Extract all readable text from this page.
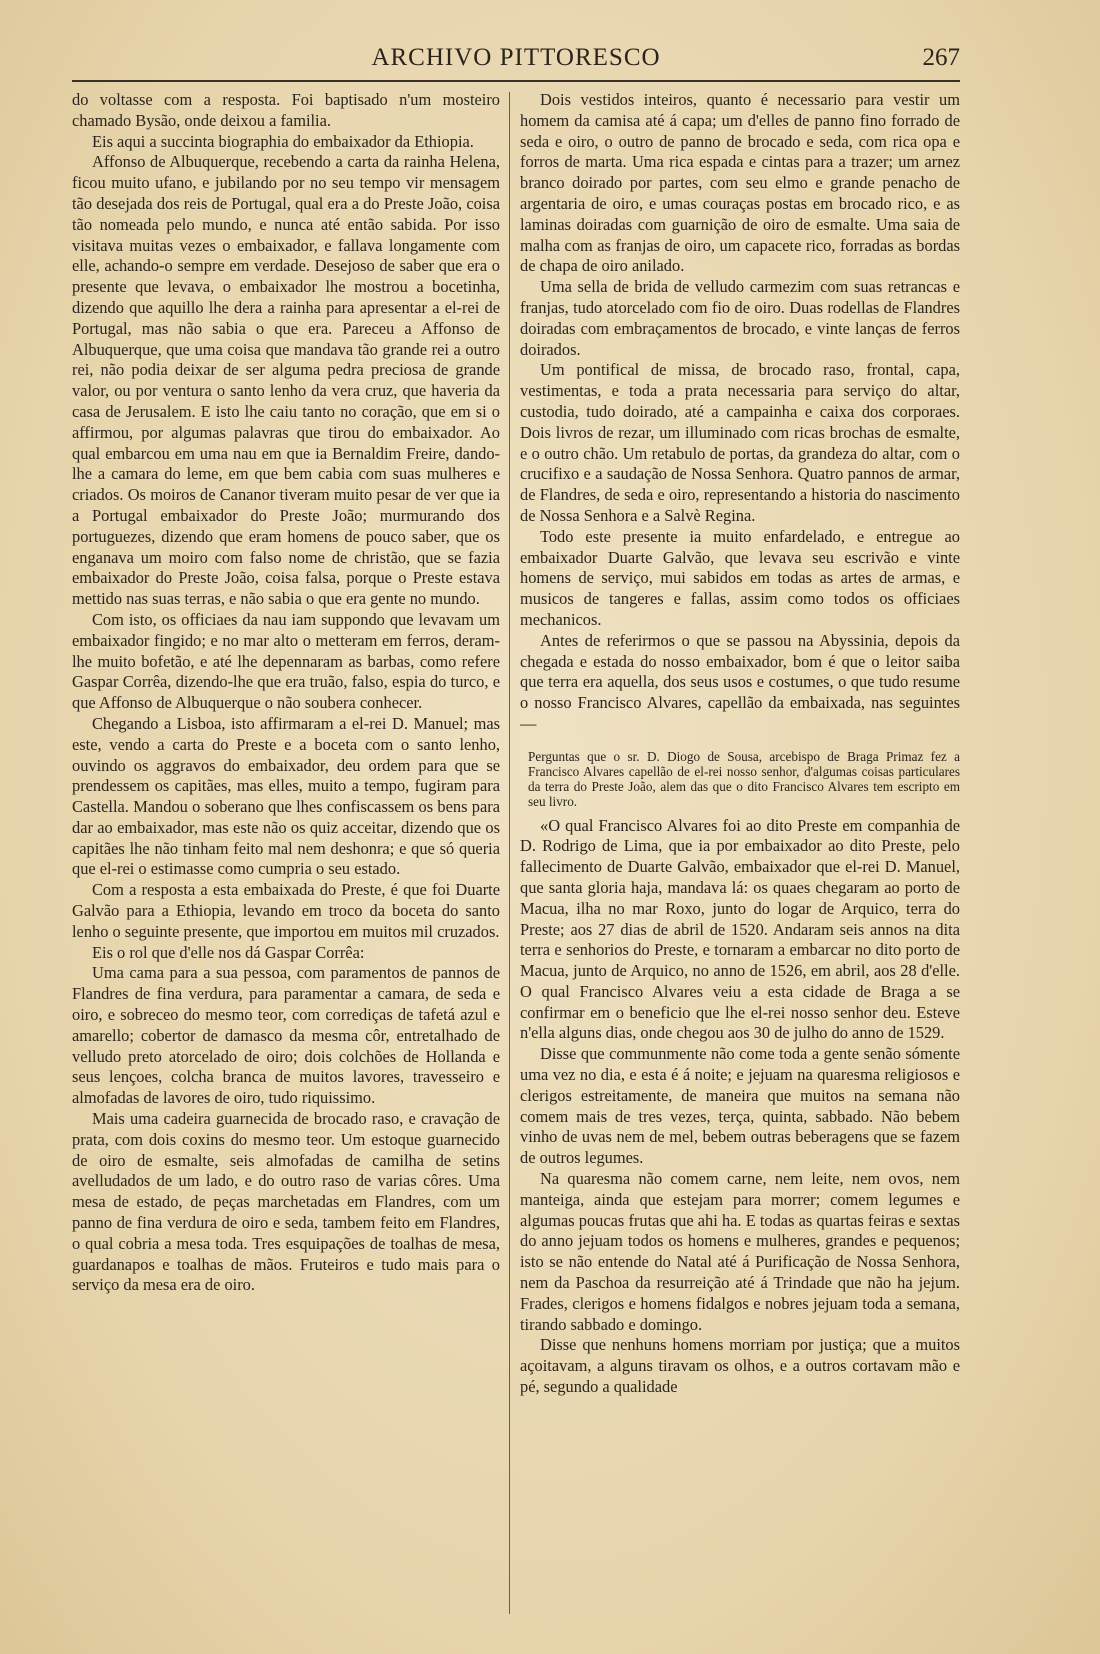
ARCHIVO PITTORESCO	267

do voltasse com a resposta. Foi baptisado n'um mosteiro chamado Bysão, onde deixou a familia.

Eis aqui a succinta biographia do embaixador da Ethiopia.

Affonso de Albuquerque, recebendo a carta da rainha Helena, ficou muito ufano, e jubilando por no seu tempo vir mensagem tão desejada dos reis de Portugal, qual era a do Preste João, coisa tão nomeada pelo mundo, e nunca até então sabida. Por isso visitava muitas vezes o embaixador, e fallava longamente com elle, achando-o sempre em verdade. Desejoso de saber que era o presente que levava, o embaixador lhe mostrou a bocetinha, dizendo que aquillo lhe dera a rainha para apresentar a el-rei de Portugal, mas não sabia o que era. Pareceu a Affonso de Albuquerque, que uma coisa que mandava tão grande rei a outro rei, não podia deixar de ser alguma pedra preciosa de grande valor, ou por ventura o santo lenho da vera cruz, que haveria da casa de Jerusalem. E isto lhe caiu tanto no coração, que em si o affirmou, por algumas palavras que tirou do embaixador. Ao qual embarcou em uma nau em que ia Bernaldim Freire, dando-lhe a camara do leme, em que bem cabia com suas mulheres e criados. Os moiros de Cananor tiveram muito pesar de ver que ia a Portugal embaixador do Preste João; murmurando dos portuguezes, dizendo que eram homens de pouco saber, que os enganava um moiro com falso nome de christão, que se fazia embaixador do Preste João, coisa falsa, porque o Preste estava mettido nas suas terras, e não sabia o que era gente no mundo.

Com isto, os officiaes da nau iam suppondo que levavam um embaixador fingido; e no mar alto o metteram em ferros, deram-lhe muito bofetão, e até lhe depennaram as barbas, como refere Gaspar Corrêa, dizendo-lhe que era truão, falso, espia do turco, e que Affonso de Albuquerque o não soubera conhecer.

Chegando a Lisboa, isto affirmaram a el-rei D. Manuel; mas este, vendo a carta do Preste e a boceta com o santo lenho, ouvindo os aggravos do embaixador, deu ordem para que se prendessem os capitães, mas elles, muito a tempo, fugiram para Castella. Mandou o soberano que lhes confiscassem os bens para dar ao embaixador, mas este não os quiz acceitar, dizendo que os capitães lhe não tinham feito mal nem deshonra; e que só queria que el-rei o estimasse como cumpria o seu estado.

Com a resposta a esta embaixada do Preste, é que foi Duarte Galvão para a Ethiopia, levando em troco da boceta do santo lenho o seguinte presente, que importou em muitos mil cruzados.

Eis o rol que d'elle nos dá Gaspar Corrêa:

Uma cama para a sua pessoa, com paramentos de pannos de Flandres de fina verdura, para paramentar a camara, de seda e oiro, e sobreceo do mesmo teor, com corrediças de tafetá azul e amarello; cobertor de damasco da mesma côr, entretalhado de velludo preto atorcelado de oiro; dois colchões de Hollanda e seus lençoes, colcha branca de muitos lavores, travesseiro e almofadas de lavores de oiro, tudo riquissimo.

Mais uma cadeira guarnecida de brocado raso, e cravação de prata, com dois coxins do mesmo teor. Um estoque guarnecido de oiro de esmalte, seis almofadas de camilha de setins avelludados de um lado, e do outro raso de varias côres. Uma mesa de estado, de peças marchetadas em Flandres, com um panno de fina verdura de oiro e seda, tambem feito em Flandres, o qual cobria a mesa toda. Tres esquipações de toalhas de mesa, guardanapos e toalhas de mãos. Fruteiros e tudo mais para o serviço da mesa era de oiro.

Dois vestidos inteiros, quanto é necessario para vestir um homem da camisa até á capa; um d'elles de panno fino forrado de seda e oiro, o outro de panno de brocado e seda, com rica opa e forros de marta. Uma rica espada e cintas para a trazer; um arnez branco doirado por partes, com seu elmo e grande penacho de argentaria de oiro, e umas couraças postas em brocado rico, e as laminas doiradas com guarnição de oiro de esmalte. Uma saia de malha com as franjas de oiro, um capacete rico, forradas as bordas de chapa de oiro anilado.

Uma sella de brida de velludo carmezim com suas retrancas e franjas, tudo atorcelado com fio de oiro. Duas rodellas de Flandres doiradas com embraçamentos de brocado, e vinte lanças de ferros doirados.

Um pontifical de missa, de brocado raso, frontal, capa, vestimentas, e toda a prata necessaria para serviço do altar, custodia, tudo doirado, até a campainha e caixa dos corporaes. Dois livros de rezar, um illuminado com ricas brochas de esmalte, e o outro chão. Um retabulo de portas, da grandeza do altar, com o crucifixo e a saudação de Nossa Senhora. Quatro pannos de armar, de Flandres, de seda e oiro, representando a historia do nascimento de Nossa Senhora e a Salvè Regina.

Todo este presente ia muito enfardelado, e entregue ao embaixador Duarte Galvão, que levava seu escrivão e vinte homens de serviço, mui sabidos em todas as artes de armas, e musicos de tangeres e fallas, assim como todos os officiaes mechanicos.

Antes de referirmos o que se passou na Abyssinia, depois da chegada e estada do nosso embaixador, bom é que o leitor saiba que terra era aquella, dos seus usos e costumes, o que tudo resume o nosso Francisco Alvares, capellão da embaixada, nas seguintes —

Perguntas que o sr. D. Diogo de Sousa, arcebispo de Braga Primaz fez a Francisco Alvares capellão de el-rei nosso senhor, d'algumas coisas particulares da terra do Preste João, alem das que o dito Francisco Alvares tem escripto em seu livro.

«O qual Francisco Alvares foi ao dito Preste em companhia de D. Rodrigo de Lima, que ia por embaixador ao dito Preste, pelo fallecimento de Duarte Galvão, embaixador que el-rei D. Manuel, que santa gloria haja, mandava lá: os quaes chegaram ao porto de Macua, ilha no mar Roxo, junto do logar de Arquico, terra do Preste; aos 27 dias de abril de 1520. Andaram seis annos na dita terra e senhorios do Preste, e tornaram a embarcar no dito porto de Macua, junto de Arquico, no anno de 1526, em abril, aos 28 d'elle. O qual Francisco Alvares veiu a esta cidade de Braga a se confirmar em o beneficio que lhe el-rei nosso senhor deu. Esteve n'ella alguns dias, onde chegou aos 30 de julho do anno de 1529.

Disse que communmente não come toda a gente senão sómente uma vez no dia, e esta é á noite; e jejuam na quaresma religiosos e clerigos estreitamente, de maneira que muitos na semana não comem mais de tres vezes, terça, quinta, sabbado. Não bebem vinho de uvas nem de mel, bebem outras beberagens que se fazem de outros legumes.

Na quaresma não comem carne, nem leite, nem ovos, nem manteiga, ainda que estejam para morrer; comem legumes e algumas poucas frutas que ahi ha. E todas as quartas feiras e sextas do anno jejuam todos os homens e mulheres, grandes e pequenos; isto se não entende do Natal até á Purificação de Nossa Senhora, nem da Paschoa da resurreição até á Trindade que não ha jejum. Frades, clerigos e homens fidalgos e nobres jejuam toda a semana, tirando sabbado e domingo.

Disse que nenhuns homens morriam por justiça; que a muitos açoitavam, a alguns tiravam os olhos, e a outros cortavam mão e pé, segundo a qualidade
